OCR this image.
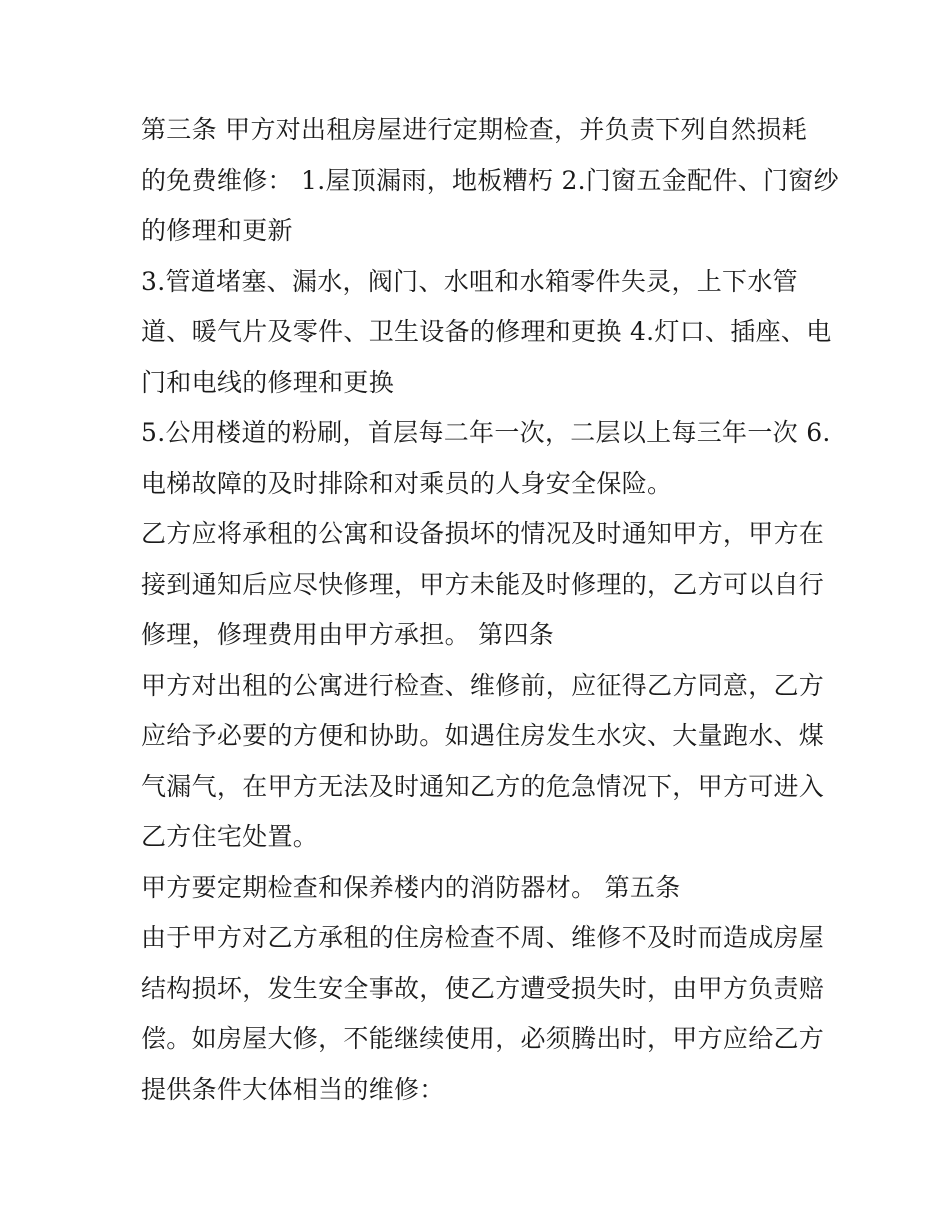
第三条 甲方对出租房屋进行定期检查，并负责下列自然损耗
的免费维修： 1.屋顶漏雨，地板糟朽 2.门窗五金配件、门窗纱
的修理和更新
3.管道堵塞、漏水，阀门、水咀和水箱零件失灵，上下水管
道、暖气片及零件、卫生设备的修理和更换 4.灯口、插座、电
门和电线的修理和更换
5.公用楼道的粉刷，首层每二年一次，二层以上每三年一次 6.
电梯故障的及时排除和对乘员的人身安全保险。
乙方应将承租的公寓和设备损坏的情况及时通知甲方，甲方在
接到通知后应尽快修理，甲方未能及时修理的，乙方可以自行
修理，修理费用由甲方承担。 第四条
甲方对出租的公寓进行检查、维修前，应征得乙方同意，乙方
应给予必要的方便和协助。如遇住房发生水灾、大量跑水、煤
气漏气，在甲方无法及时通知乙方的危急情况下，甲方可进入
乙方住宅处置。
甲方要定期检查和保养楼内的消防器材。 第五条
由于甲方对乙方承租的住房检查不周、维修不及时而造成房屋
结构损坏，发生安全事故，使乙方遭受损失时，由甲方负责赔
偿。如房屋大修，不能继续使用，必须腾出时，甲方应给乙方
提供条件大体相当的维修：
